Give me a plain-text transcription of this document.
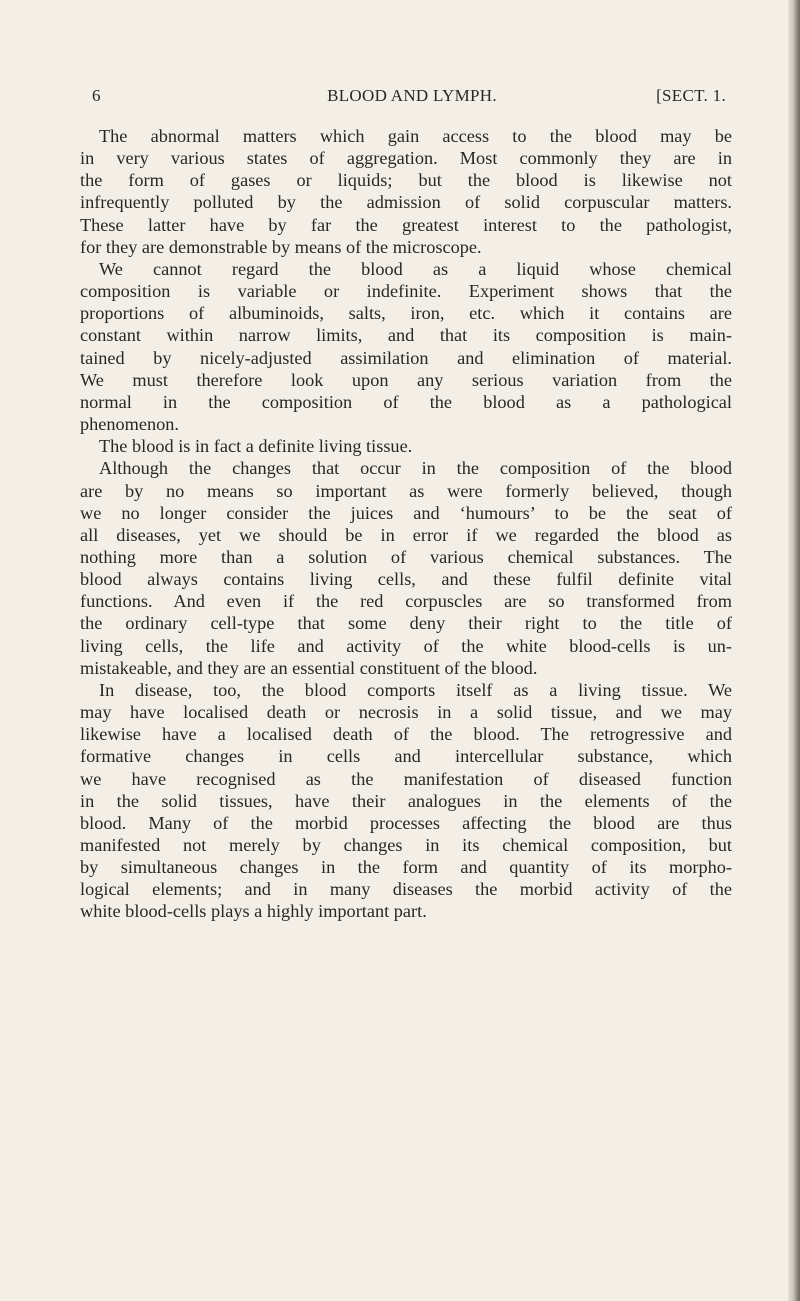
6	BLOOD AND LYMPH.	[SECT. 1.
The abnormal matters which gain access to the blood may be
in very various states of aggregation. Most commonly they are in
the form of gases or liquids; but the blood is likewise not
infrequently polluted by the admission of solid corpuscular matters.
These latter have by far the greatest interest to the pathologist,
for they are demonstrable by means of the microscope.
We cannot regard the blood as a liquid whose chemical
composition is variable or indefinite. Experiment shows that the
proportions of albuminoids, salts, iron, etc. which it contains are
constant within narrow limits, and that its composition is main-
tained by nicely-adjusted assimilation and elimination of material.
We must therefore look upon any serious variation from the
normal in the composition of the blood as a pathological
phenomenon.
The blood is in fact a definite living tissue.
Although the changes that occur in the composition of the blood
are by no means so important as were formerly believed, though
we no longer consider the juices and ‘humours’ to be the seat of
all diseases, yet we should be in error if we regarded the blood as
nothing more than a solution of various chemical substances. The
blood always contains living cells, and these fulfil definite vital
functions. And even if the red corpuscles are so transformed from
the ordinary cell-type that some deny their right to the title of
living cells, the life and activity of the white blood-cells is un-
mistakeable, and they are an essential constituent of the blood.
In disease, too, the blood comports itself as a living tissue. We
may have localised death or necrosis in a solid tissue, and we may
likewise have a localised death of the blood. The retrogressive and
formative changes in cells and intercellular substance, which
we have recognised as the manifestation of diseased function
in the solid tissues, have their analogues in the elements of the
blood. Many of the morbid processes affecting the blood are thus
manifested not merely by changes in its chemical composition, but
by simultaneous changes in the form and quantity of its morpho-
logical elements; and in many diseases the morbid activity of the
white blood-cells plays a highly important part.
